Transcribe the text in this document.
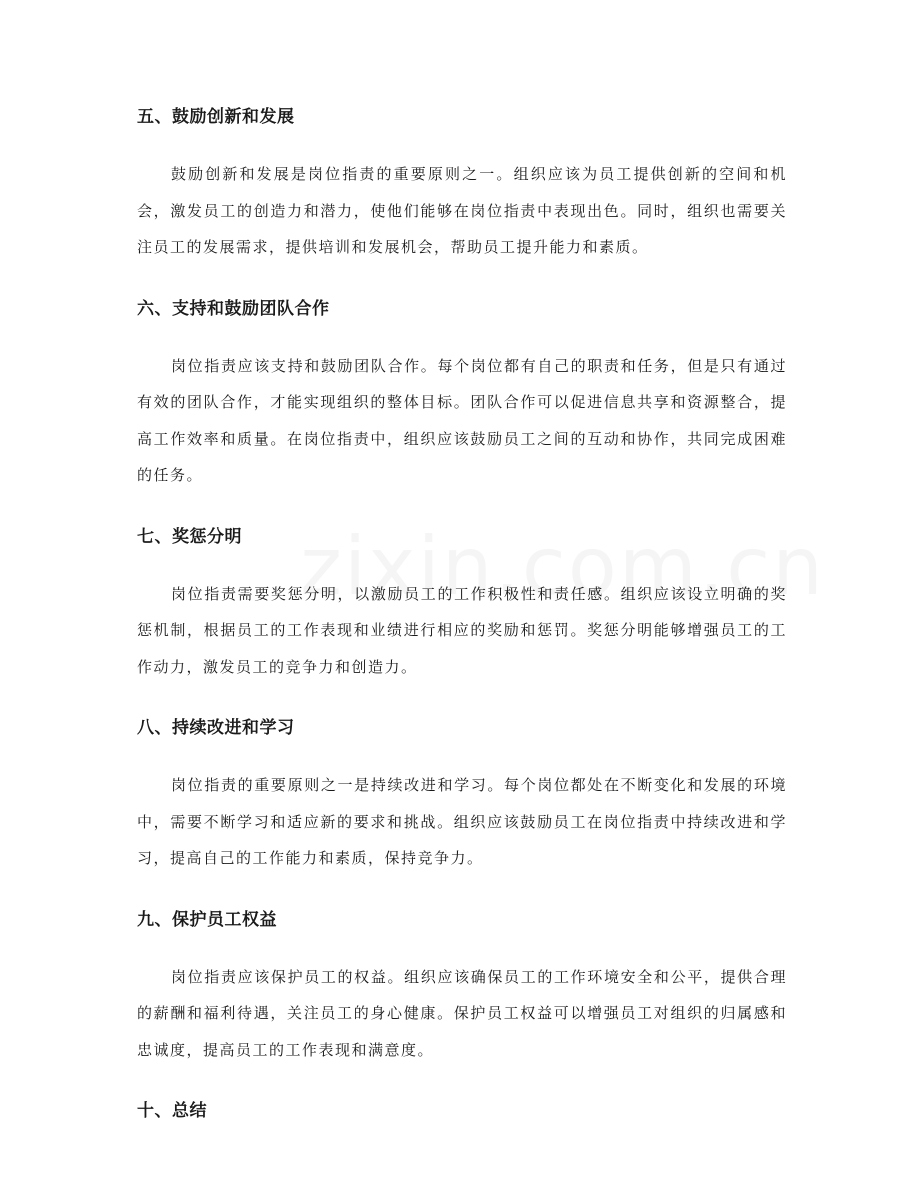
五、鼓励创新和发展

鼓励创新和发展是岗位指责的重要原则之一。组织应该为员工提供创新的空间和机会，激发员工的创造力和潜力，使他们能够在岗位指责中表现出色。同时，组织也需要关注员工的发展需求，提供培训和发展机会，帮助员工提升能力和素质。

六、支持和鼓励团队合作

岗位指责应该支持和鼓励团队合作。每个岗位都有自己的职责和任务，但是只有通过有效的团队合作，才能实现组织的整体目标。团队合作可以促进信息共享和资源整合，提高工作效率和质量。在岗位指责中，组织应该鼓励员工之间的互动和协作，共同完成困难的任务。

七、奖惩分明

岗位指责需要奖惩分明，以激励员工的工作积极性和责任感。组织应该设立明确的奖惩机制，根据员工的工作表现和业绩进行相应的奖励和惩罚。奖惩分明能够增强员工的工作动力，激发员工的竞争力和创造力。

八、持续改进和学习

岗位指责的重要原则之一是持续改进和学习。每个岗位都处在不断变化和发展的环境中，需要不断学习和适应新的要求和挑战。组织应该鼓励员工在岗位指责中持续改进和学习，提高自己的工作能力和素质，保持竞争力。

九、保护员工权益

岗位指责应该保护员工的权益。组织应该确保员工的工作环境安全和公平，提供合理的薪酬和福利待遇，关注员工的身心健康。保护员工权益可以增强员工对组织的归属感和忠诚度，提高员工的工作表现和满意度。

十、总结
